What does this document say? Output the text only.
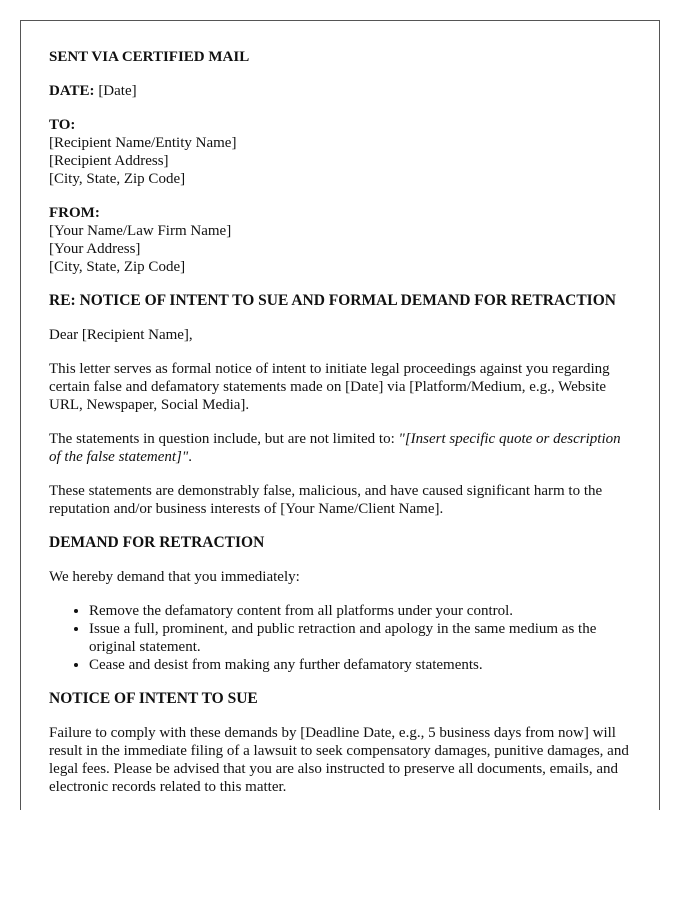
SENT VIA CERTIFIED MAIL

DATE: [Date]

TO:
[Recipient Name/Entity Name]
[Recipient Address]
[City, State, Zip Code]

FROM:
[Your Name/Law Firm Name]
[Your Address]
[City, State, Zip Code]

RE: NOTICE OF INTENT TO SUE AND FORMAL DEMAND FOR RETRACTION

Dear [Recipient Name],

This letter serves as formal notice of intent to initiate legal proceedings against you regarding certain false and defamatory statements made on [Date] via [Platform/Medium, e.g., Website URL, Newspaper, Social Media].

The statements in question include, but are not limited to: "[Insert specific quote or description of the false statement]".

These statements are demonstrably false, malicious, and have caused significant harm to the reputation and/or business interests of [Your Name/Client Name].

DEMAND FOR RETRACTION

We hereby demand that you immediately:

• Remove the defamatory content from all platforms under your control.
• Issue a full, prominent, and public retraction and apology in the same medium as the original statement.
• Cease and desist from making any further defamatory statements.

NOTICE OF INTENT TO SUE

Failure to comply with these demands by [Deadline Date, e.g., 5 business days from now] will result in the immediate filing of a lawsuit to seek compensatory damages, punitive damages, and legal fees. Please be advised that you are also instructed to preserve all documents, emails, and electronic records related to this matter.
